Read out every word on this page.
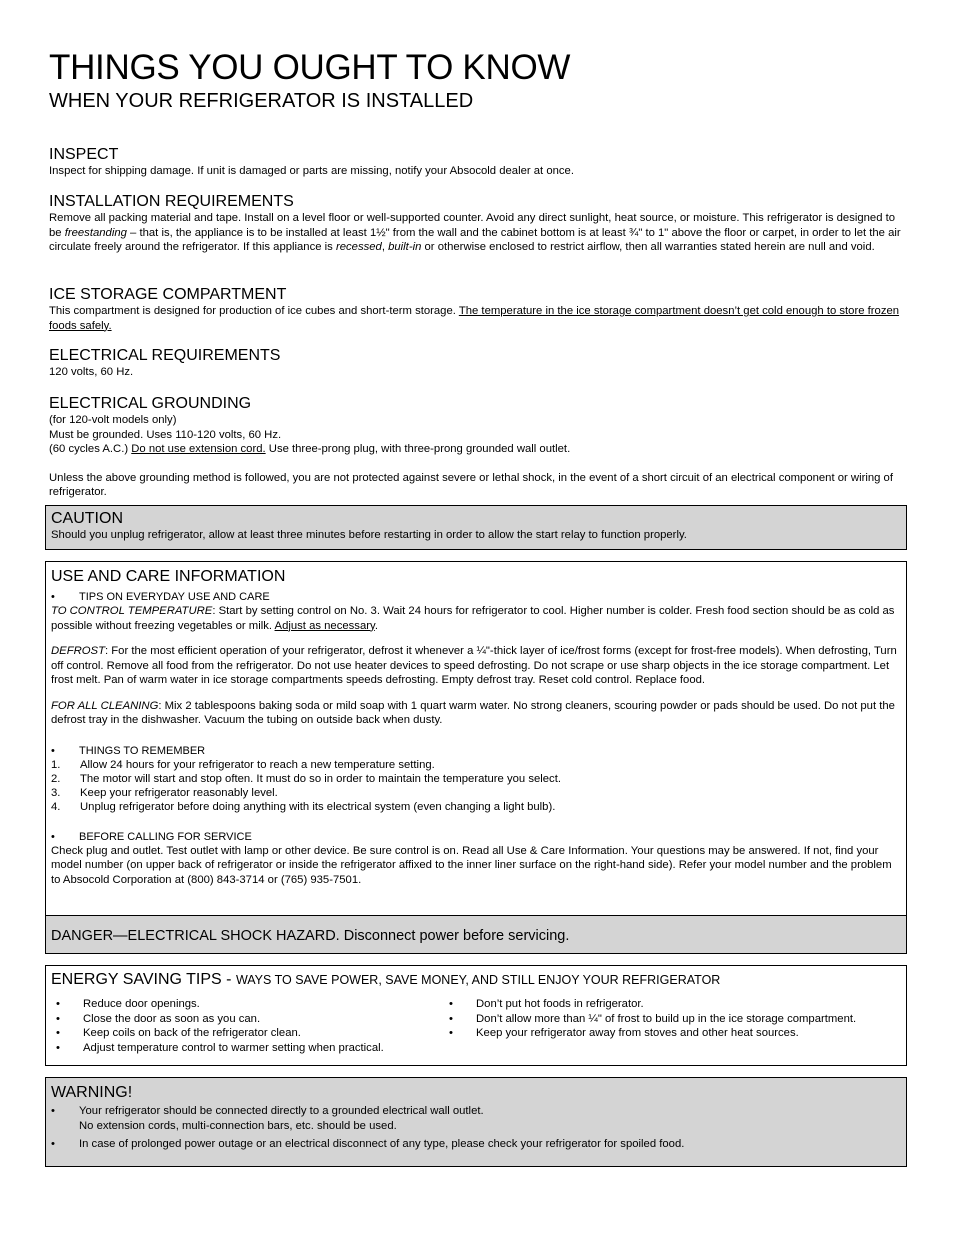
THINGS YOU OUGHT TO KNOW
WHEN YOUR REFRIGERATOR IS INSTALLED
INSPECT
Inspect for shipping damage. If unit is damaged or parts are missing, notify your Absocold dealer at once.
INSTALLATION REQUIREMENTS
Remove all packing material and tape. Install on a level floor or well-supported counter. Avoid any direct sunlight, heat source, or moisture. This refrigerator is designed to be freestanding – that is, the appliance is to be installed at least 1½" from the wall and the cabinet bottom is at least ¾" to 1" above the floor or carpet, in order to let the air circulate freely around the refrigerator. If this appliance is recessed, built-in or otherwise enclosed to restrict airflow, then all warranties stated herein are null and void.
ICE STORAGE COMPARTMENT
This compartment is designed for production of ice cubes and short-term storage. The temperature in the ice storage compartment doesn’t get cold enough to store frozen foods safely.
ELECTRICAL REQUIREMENTS
120 volts, 60 Hz.
ELECTRICAL GROUNDING
(for 120-volt models only)
Must be grounded. Uses 110-120 volts, 60 Hz.
(60 cycles A.C.) Do not use extension cord. Use three-prong plug, with three-prong grounded wall outlet.
Unless the above grounding method is followed, you are not protected against severe or lethal shock, in the event of a short circuit of an electrical component or wiring of refrigerator.
CAUTION
Should you unplug refrigerator, allow at least three minutes before restarting in order to allow the start relay to function properly.
USE AND CARE INFORMATION
• TIPS ON EVERYDAY USE AND CARE
TO CONTROL TEMPERATURE: Start by setting control on No. 3. Wait 24 hours for refrigerator to cool. Higher number is colder. Fresh food section should be as cold as possible without freezing vegetables or milk. Adjust as necessary.
DEFROST: For the most efficient operation of your refrigerator, defrost it whenever a ¼"-thick layer of ice/frost forms (except for frost-free models). When defrosting, Turn off control. Remove all food from the refrigerator. Do not use heater devices to speed defrosting. Do not scrape or use sharp objects in the ice storage compartment. Let frost melt. Pan of warm water in ice storage compartments speeds defrosting. Empty defrost tray. Reset cold control. Replace food.
FOR ALL CLEANING: Mix 2 tablespoons baking soda or mild soap with 1 quart warm water. No strong cleaners, scouring powder or pads should be used. Do not put the defrost tray in the dishwasher. Vacuum the tubing on outside back when dusty.
• THINGS TO REMEMBER
1. Allow 24 hours for your refrigerator to reach a new temperature setting.
2. The motor will start and stop often. It must do so in order to maintain the temperature you select.
3. Keep your refrigerator reasonably level.
4. Unplug refrigerator before doing anything with its electrical system (even changing a light bulb).
• BEFORE CALLING FOR SERVICE
Check plug and outlet. Test outlet with lamp or other device. Be sure control is on. Read all Use & Care Information. Your questions may be answered. If not, find your model number (on upper back of refrigerator or inside the refrigerator affixed to the inner liner surface on the right-hand side). Refer your model number and the problem to Absocold Corporation at (800) 843-3714 or (765) 935-7501.
DANGER—ELECTRICAL SHOCK HAZARD. Disconnect power before servicing.
ENERGY SAVING TIPS - WAYS TO SAVE POWER, SAVE MONEY, AND STILL ENJOY YOUR REFRIGERATOR
• Reduce door openings.
• Close the door as soon as you can.
• Keep coils on back of the refrigerator clean.
• Adjust temperature control to warmer setting when practical.
• Don’t put hot foods in refrigerator.
• Don’t allow more than ¼" of frost to build up in the ice storage compartment.
• Keep your refrigerator away from stoves and other heat sources.
WARNING!
•	Your refrigerator should be connected directly to a grounded electrical wall outlet.
No extension cords, multi-connection bars, etc. should be used.
•	In case of prolonged power outage or an electrical disconnect of any type, please check your refrigerator for spoiled food.
